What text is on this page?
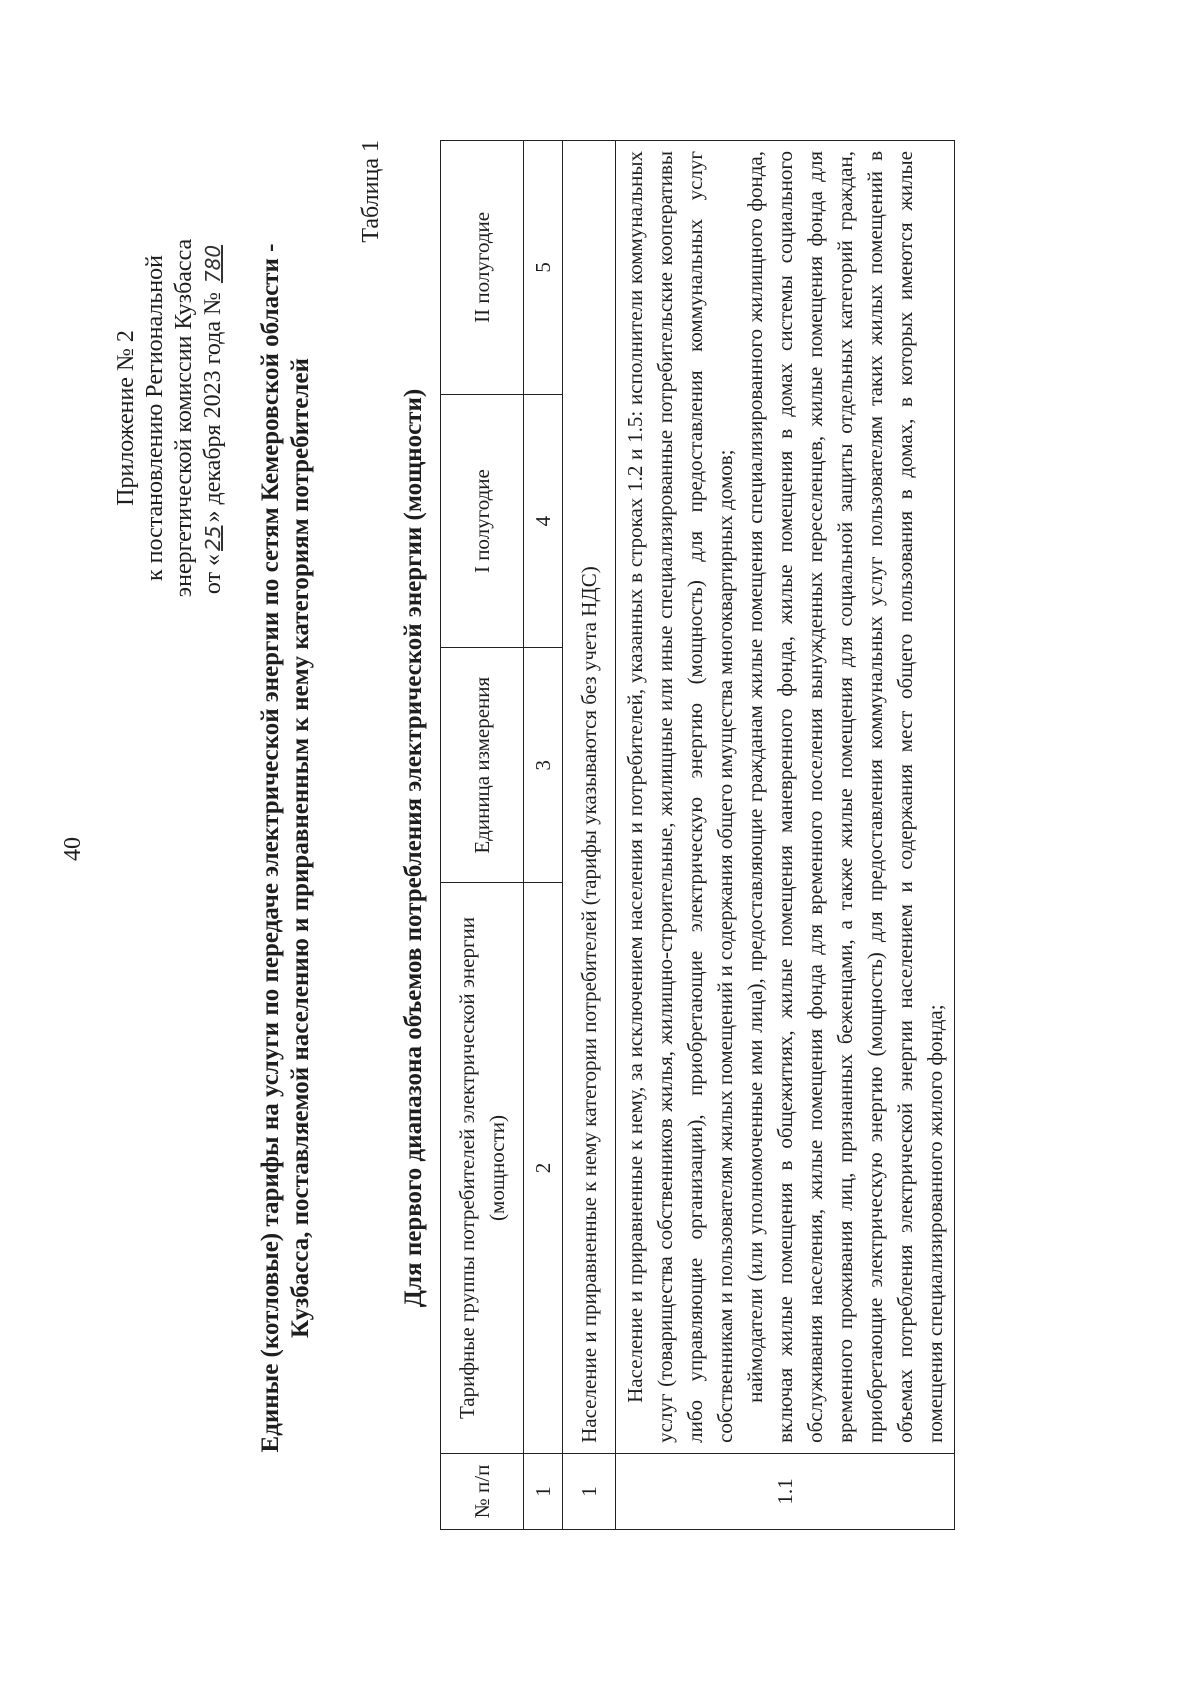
40
Приложение № 2 к постановлению Региональной энергетической комиссии Кузбасса от «25» декабря 2023 года № 780 Единые (котловые) тарифы на услуги по передаче электрической энергии по сетям Кемеровской области - Кузбасса, поставляемой населению и приравненным к нему категориям потребителей
Таблица 1
Для первого диапазона объемов потребления электрической энергии (мощности)
№ п/п	Тарифные группы потребителей электрической энергии (мощности)	Единица измерения	I полугодие	II полугодие
1	2	3	4	5
1	Население и приравненные к нему категории потребителей (тарифы указываются без учета НДС)			
1.1	Население и приравненные к нему, за исключением населения и потребителей, указанных в строках 1.2 и 1.5: исполнители коммунальных услуг (товарищества собственников жилья, жилищно-строительные, жилищные или иные специализированные потребительские кооперативы либо управляющие организации), приобретающие электрическую энергию (мощность) для предоставления коммунальных услуг собственникам и пользователям жилых помещений и содержания общего имущества многоквартирных домов; наймодатели (или уполномоченные ими лица), предоставляющие гражданам жилые помещения специализированного жилищного фонда, включая жилые помещения в общежитиях, жилые помещения маневренного фонда, жилые помещения в домах системы социального обслуживания населения, жилые помещения фонда для временного поселения вынужденных переселенцев, жилые помещения фонда для временного проживания лиц, признанных беженцами, а также жилые помещения для социальной защиты отдельных категорий граждан, приобретающие электрическую энергию (мощность) для предоставления коммунальных услуг пользователям таких жилых помещений в объемах потребления электрической энергии населением и содержания мест общего пользования в домах, в которых имеются жилые помещения специализированного жилого фонда;			
